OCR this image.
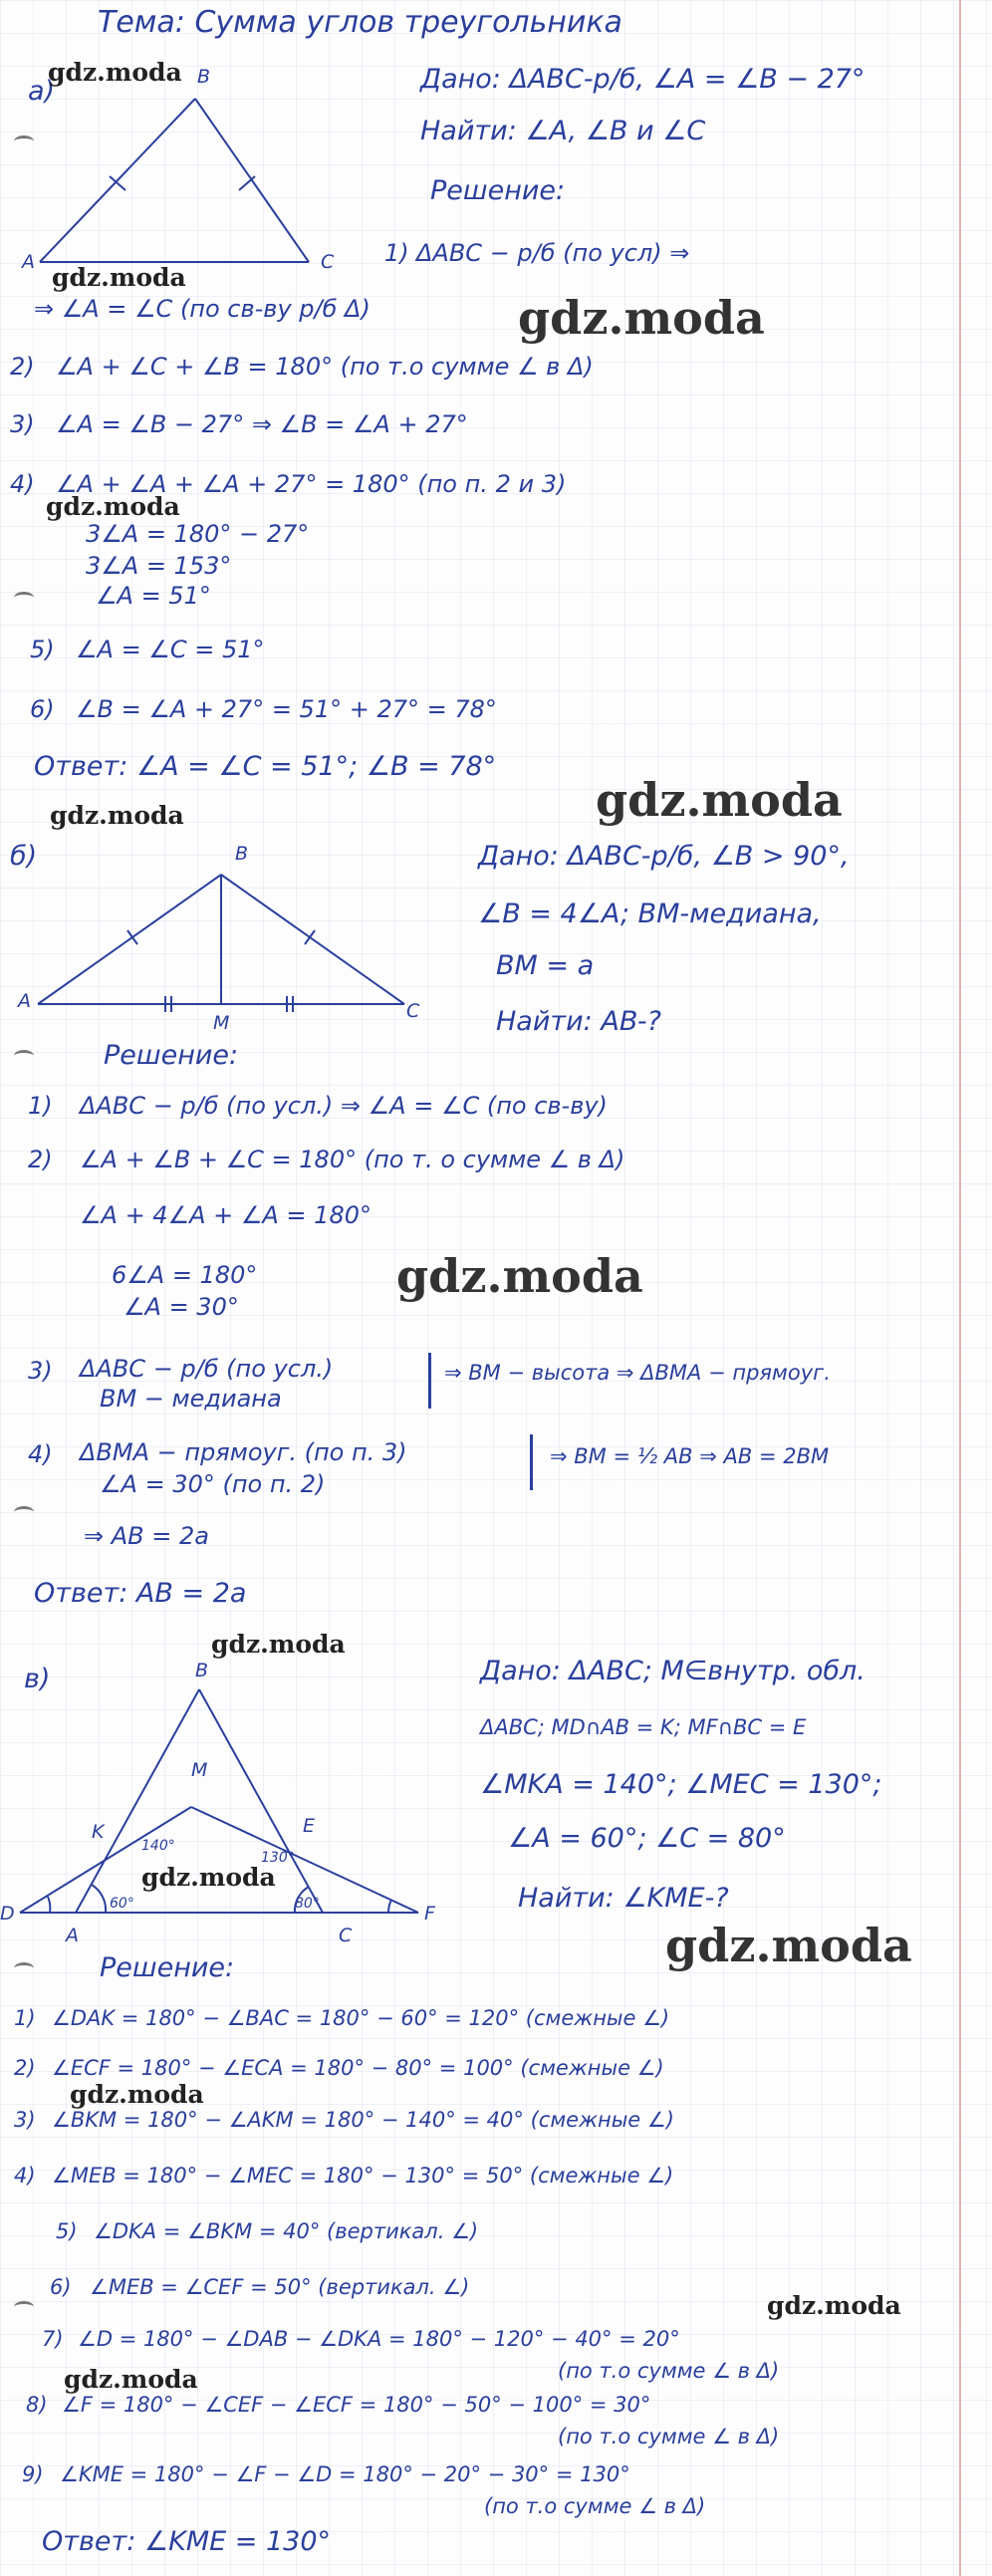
Тема: Сумма углов треугольника
а)	B
A	C
gdz.moda
gdz.moda
Дано: ΔABC-р/б, ∠A = ∠B − 27°
Найти: ∠A, ∠B и ∠C
Решение:
1) ΔABC − р/б (по усл) ⇒
⇒ ∠A = ∠C (по св-ву р/б Δ)	gdz.moda
2) ∠A + ∠C + ∠B = 180° (по т.о сумме ∠ в Δ)
3) ∠A = ∠B − 27° ⇒ ∠B = ∠A + 27°
4) ∠A + ∠A + ∠A + 27° = 180° (по п. 2 и 3)
gdz.moda
3∠A = 180° − 27°
3∠A = 153°
∠A = 51°
5) ∠A = ∠C = 51°
6) ∠B = ∠A + 27° = 51° + 27° = 78°
Ответ: ∠A = ∠C = 51°; ∠B = 78°
gdz.moda
gdz.moda
б)	B
A	C
M
Дано: ΔABC-р/б, ∠B > 90°,
∠B = 4∠A; BM-медиана,
BM = a
Найти: AB-?
Решение:
1) ΔABC − р/б (по усл.) ⇒ ∠A = ∠C (по св-ву)
2) ∠A + ∠B + ∠C = 180° (по т. о сумме ∠ в Δ)
∠A + 4∠A + ∠A = 180°
6∠A = 180°
∠A = 30°
gdz.moda
3) ΔABC − р/б (по усл.)
BM − медиана
⇒ BM − высота ⇒ ΔBMA − прямоуг.
4) ΔBMA − прямоуг. (по п. 3)
∠A = 30° (по п. 2)
⇒ BM = ½ AB ⇒ AB = 2BM
⇒ AB = 2a
Ответ: AB = 2a
gdz.moda
в)	B
M
K	E
D
A	C
F
140°
130°
60°	80°
gdz.moda
Дано: ΔABC; M∈внутр. обл.
ΔABC; MD∩AB = K; MF∩BC = E
∠MKA = 140°; ∠MEC = 130°;
∠A = 60°; ∠C = 80°
Найти: ∠KME-?
gdz.moda
Решение:
1) ∠DAK = 180° − ∠BAC = 180° − 60° = 120° (смежные ∠)
2) ∠ECF = 180° − ∠ECA = 180° − 80° = 100° (смежные ∠)
gdz.moda
3) ∠BKM = 180° − ∠AKM = 180° − 140° = 40° (смежные ∠)
4) ∠MEB = 180° − ∠MEC = 180° − 130° = 50° (смежные ∠)
5) ∠DKA = ∠BKM = 40° (вертикал. ∠)
6) ∠MEB = ∠CEF = 50° (вертикал. ∠)
gdz.moda
7) ∠D = 180° − ∠DAB − ∠DKA = 180° − 120° − 40° = 20°
(по т.о сумме ∠ в Δ)
gdz.moda
8) ∠F = 180° − ∠CEF − ∠ECF = 180° − 50° − 100° = 30°
(по т.о сумме ∠ в Δ)
9) ∠KME = 180° − ∠F − ∠D = 180° − 20° − 30° = 130°
(по т.о сумме ∠ в Δ)
Ответ: ∠KME = 130°
